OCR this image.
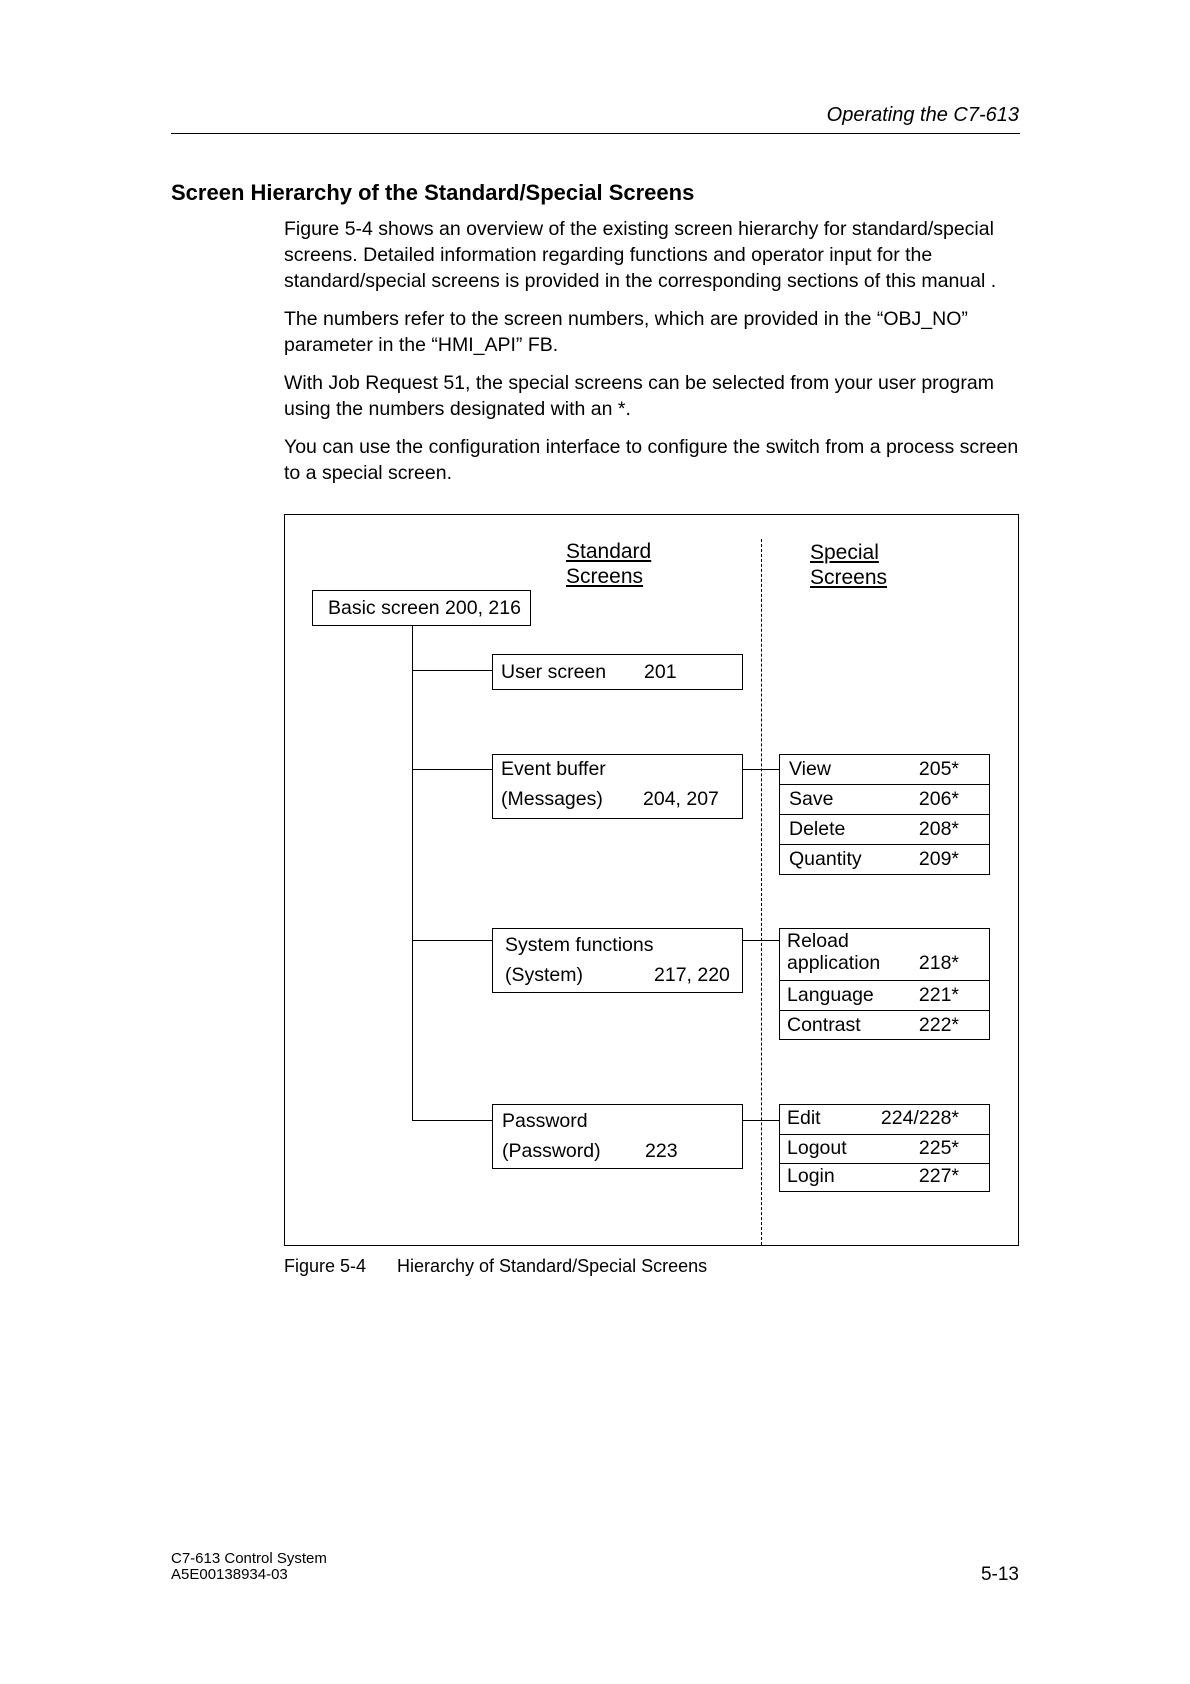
Operating the C7-613
Screen Hierarchy of the Standard/Special Screens

Figure 5-4 shows an overview of the existing screen hierarchy for standard/special screens. Detailed information regarding functions and operator input for the standard/special screens is provided in the corresponding sections of this manual .

The numbers refer to the screen numbers, which are provided in the “OBJ_NO” parameter in the “HMI_API” FB.

With Job Request 51, the special screens can be selected from your user program using the numbers designated with an *.

You can use the configuration interface to configure the switch from a process screen to a special screen.

Standard
Screens
Special
Screens
Basic screen 200, 216
User screen 201
Event buffer
(Messages) 204, 207
System functions
(System)	217, 220
Password
(Password) 223
View	205*
Save	206*
Delete	208*
Quantity	209*
Reload
application 218*
Language 221*
Contrast	222*
Edit	224/228*
Logout	225*
Login	227*
Figure 5-4 Hierarchy of Standard/Special Screens
C7-613 Control System
A5E00138934-03	5-13
